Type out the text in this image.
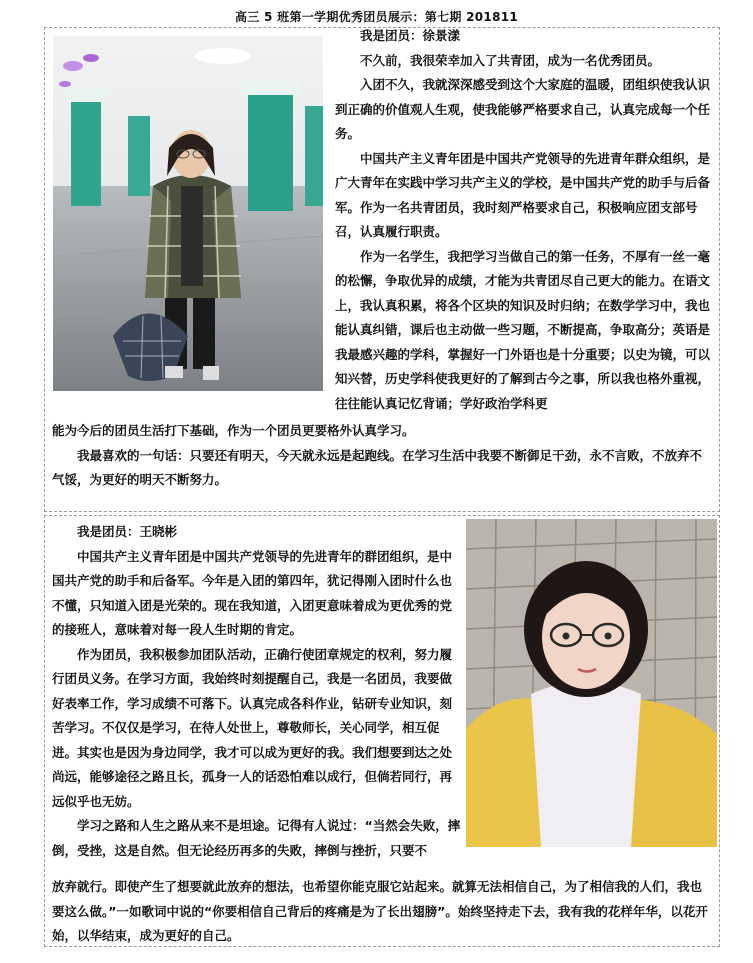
高三 5 班第一学期优秀团员展示：第七期 201811

我是团员：徐景漾

不久前，我很荣幸加入了共青团，成为一名优秀团员。

入团不久，我就深深感受到这个大家庭的温暖，团组织使我认识到正确的价值观人生观，使我能够严格要求自己，认真完成每一个任务。

中国共产主义青年团是中国共产党领导的先进青年群众组织，是广大青年在实践中学习共产主义的学校，是中国共产党的助手与后备军。作为一名共青团员，我时刻严格要求自己，积极响应团支部号召，认真履行职责。

作为一名学生，我把学习当做自己的第一任务，不厚有一丝一毫的松懈，争取优异的成绩，才能为共青团尽自己更大的能力。在语文上，我认真积累，将各个区块的知识及时归纳；在数学学习中，我也能认真纠错，课后也主动做一些习题，不断提高，争取高分；英语是我最感兴趣的学科，掌握好一门外语也是十分重要；以史为镜，可以知兴替，历史学科使我更好的了解到古今之事，所以我也格外重视，往往能认真记忆背诵；学好政治学科更

能为今后的团员生活打下基础，作为一个团员更要格外认真学习。

我最喜欢的一句话：只要还有明天，今天就永远是起跑线。在学习生活中我要不断御足干劲，永不言败，不放弃不气馁，为更好的明天不断努力。

我是团员：王晓彬

中国共产主义青年团是中国共产党领导的先进青年的群团组织，是中国共产党的助手和后备军。今年是入团的第四年，犹记得刚入团时什么也不懂，只知道入团是光荣的。现在我知道，入团更意味着成为更优秀的党的接班人，意味着对每一段人生时期的肯定。

作为团员，我积极参加团队活动，正确行使团章规定的权利，努力履行团员义务。在学习方面，我始终时刻提醒自己，我是一名团员，我要做好表率工作，学习成绩不可落下。认真完成各科作业，钻研专业知识，刻苦学习。不仅仅是学习，在待人处世上，尊敬师长，关心同学，相互促进。其实也是因为身边同学，我才可以成为更好的我。我们想要到达之处尚远，能够途径之路且长，孤身一人的话恐怕难以成行，但倘若同行，再远似乎也无妨。

学习之路和人生之路从来不是坦途。记得有人说过：“当然会失败，摔倒，受挫，这是自然。但无论经历再多的失败，摔倒与挫折，只要不

放弃就行。即使产生了想要就此放弃的想法，也希望你能克服它站起来。就算无法相信自己，为了相信我的人们，我也要这么做。”一如歌词中说的“你要相信自己背后的疼痛是为了长出翅膀”。始终坚持走下去，我有我的花样年华，以花开始，以华结束，成为更好的自己。
